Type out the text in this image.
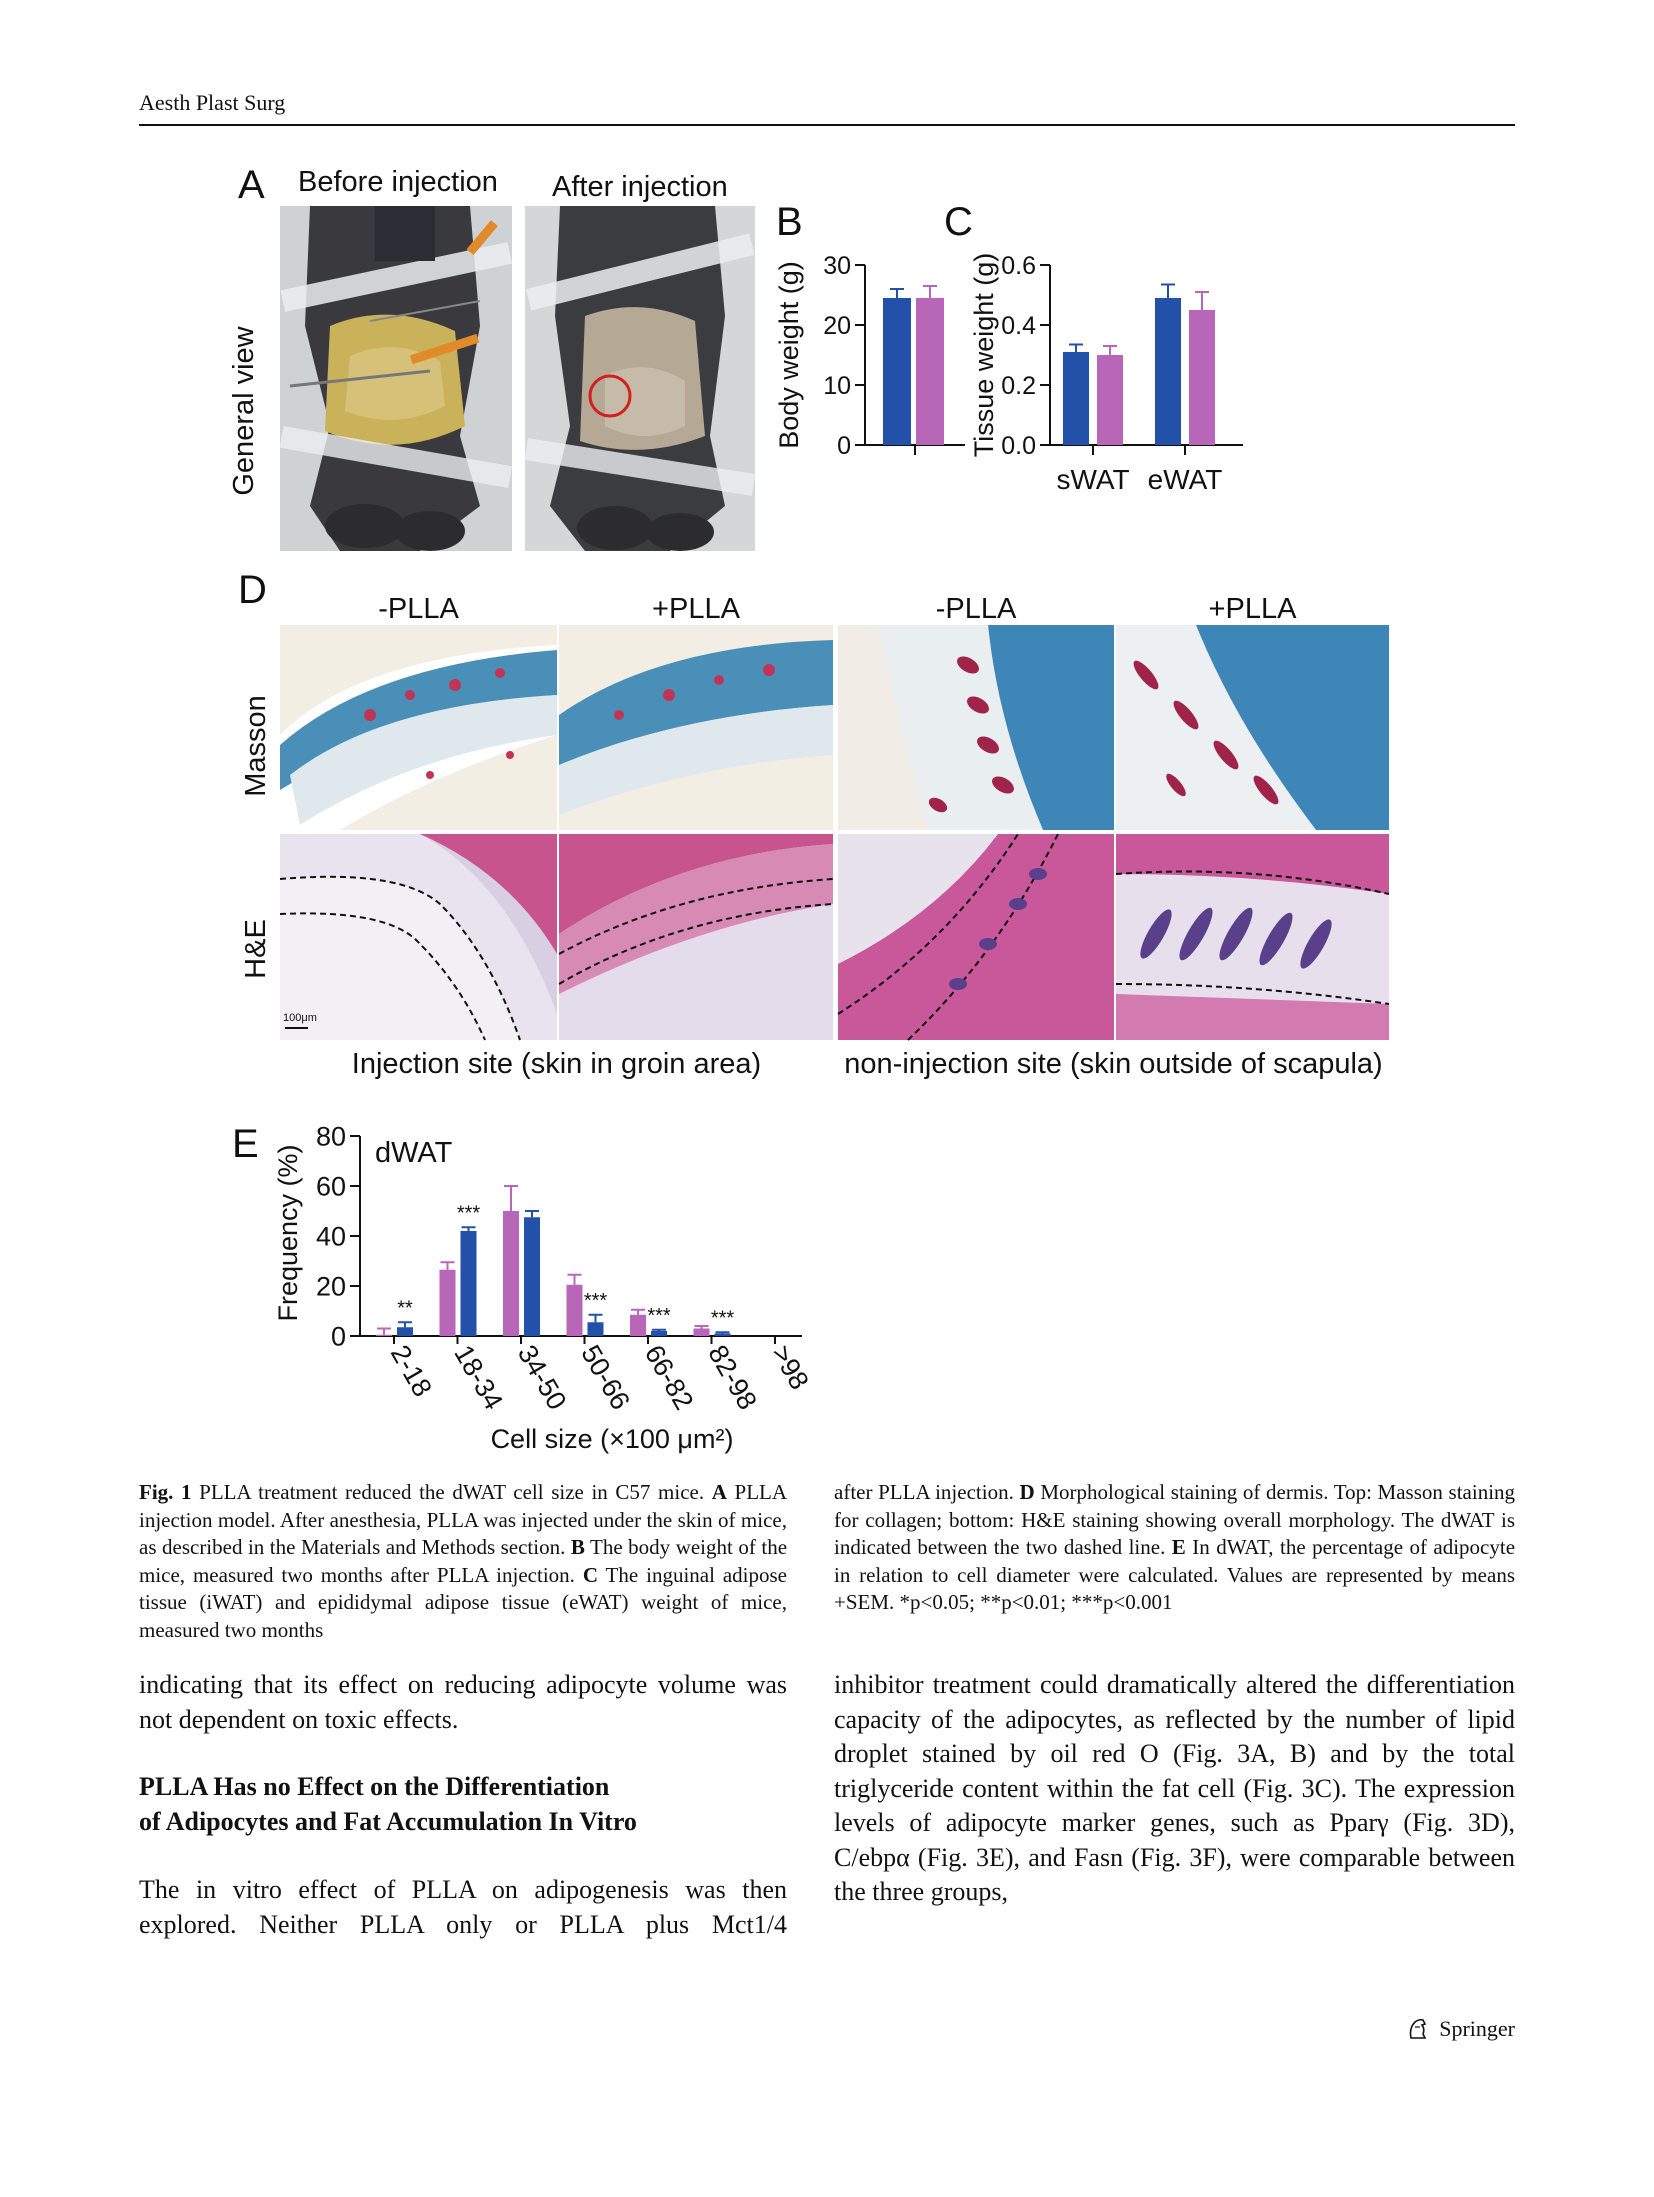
Aesth Plast Surg
A Before injection After injection
General view
B
Body weight (g) 0
10
20
30
C
Tissue weight (g) 0.0
0.2
0.4
0.6
sWAT eWAT
D	-PLLA	+PLLA	-PLLA	+PLLA
Masson
H&E
100μm
Injection site (skin in groin area)	non-injection site (skin outside of scapula)
E
Frequency (%) dWAT
0
20
40
60
80
**
***
***
*** ***
2-18 18-34 34-50 50-66 66-82 82-98 >98
Cell size (×100 μm²)
Fig. 1 PLLA treatment reduced the dWAT cell size in C57 mice. A PLLA injection model. After anesthesia, PLLA was injected under the skin of mice, as described in the Materials and Methods section. B The body weight of the mice, measured two months after PLLA injection. C The inguinal adipose tissue (iWAT) and epididymal adipose tissue (eWAT) weight of mice, measured two months
after PLLA injection. D Morphological staining of dermis. Top: Masson staining for collagen; bottom: H&E staining showing overall morphology. The dWAT is indicated between the two dashed line. E In dWAT, the percentage of adipocyte in relation to cell diameter were calculated. Values are represented by means +SEM. *p<0.05; **p<0.01; ***p<0.001
indicating that its effect on reducing adipocyte volume was not dependent on toxic effects.
PLLA Has no Effect on the Differentiation
of Adipocytes and Fat Accumulation In Vitro
The in vitro effect of PLLA on adipogenesis was then explored. Neither PLLA only or PLLA plus Mct1/4
inhibitor treatment could dramatically altered the differentiation capacity of the adipocytes, as reflected by the number of lipid droplet stained by oil red O (Fig. 3A, B) and by the total triglyceride content within the fat cell (Fig. 3C). The expression levels of adipocyte marker genes, such as Pparγ (Fig. 3D), C/ebpα (Fig. 3E), and Fasn (Fig. 3F), were comparable between the three groups,
Springer
